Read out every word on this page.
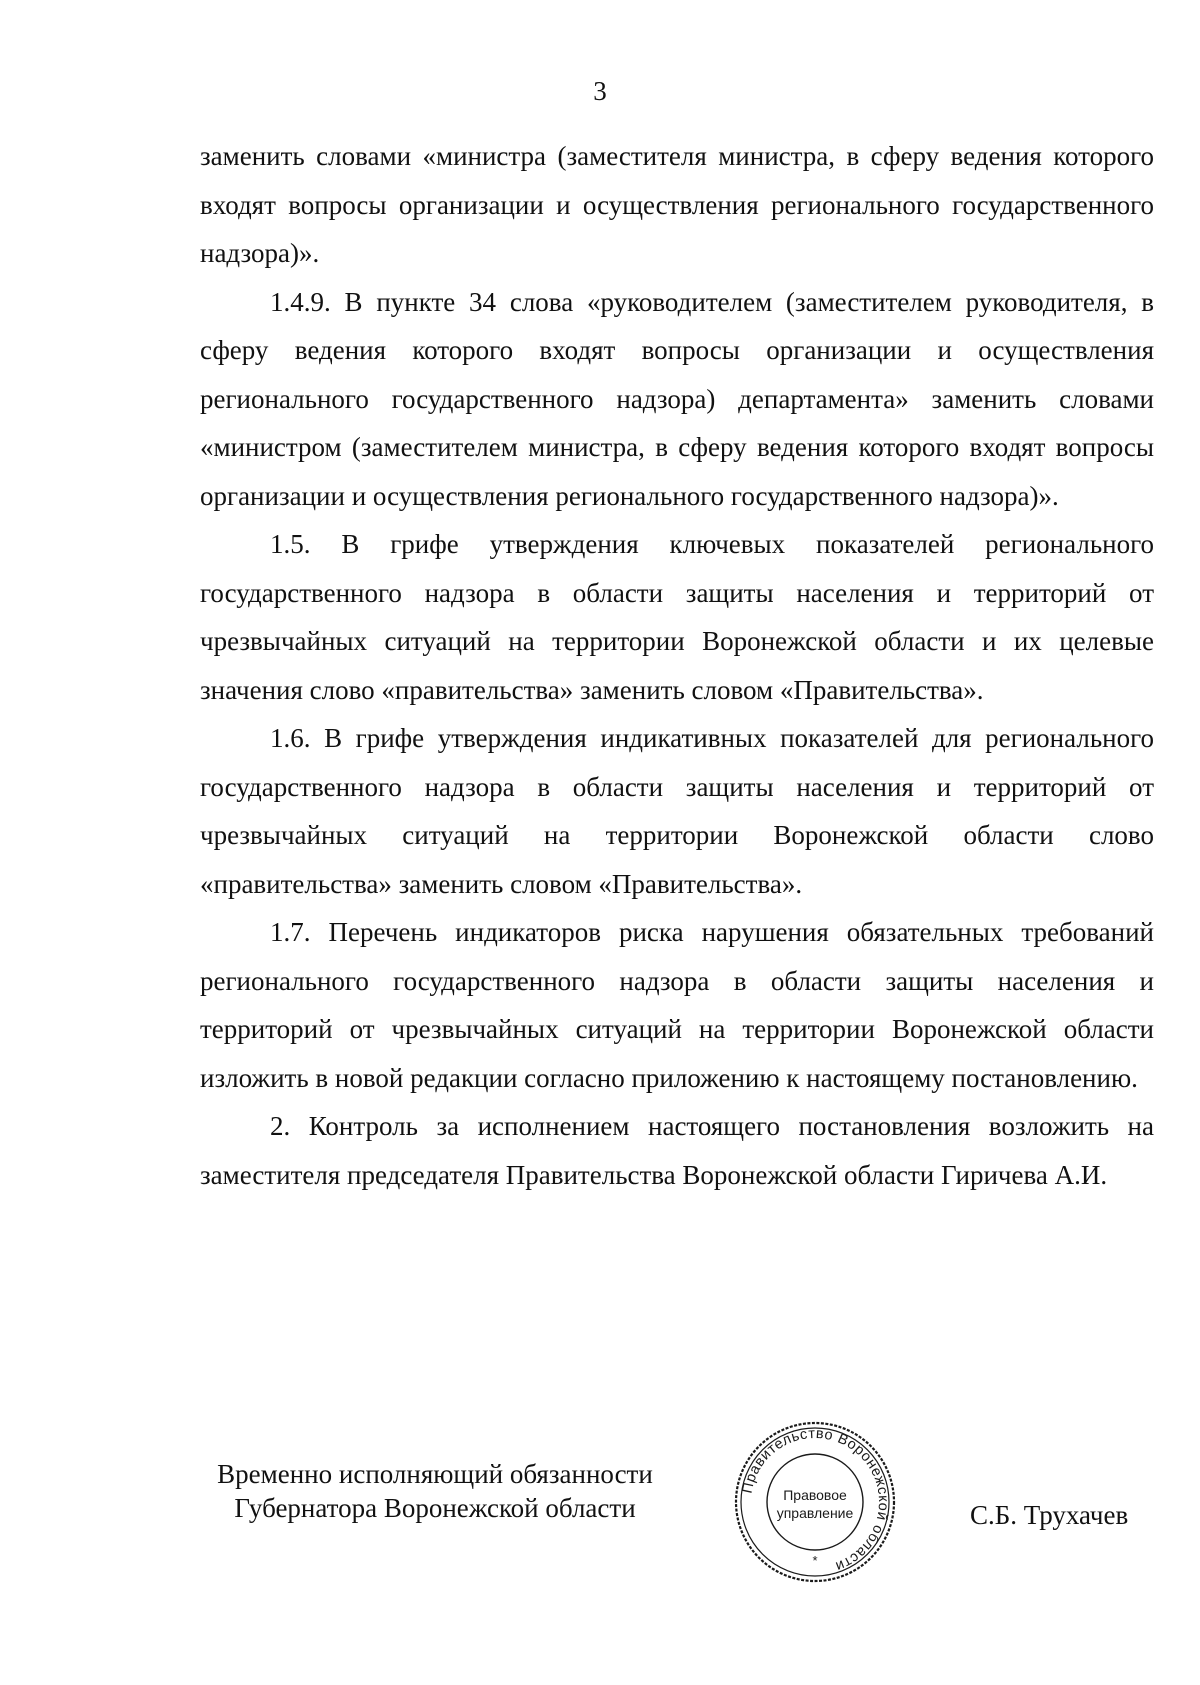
3

заменить словами «министра (заместителя министра, в сферу ведения которого входят вопросы организации и осуществления регионального государственного надзора)».

1.4.9. В пункте 34 слова «руководителем (заместителем руководителя, в сферу ведения которого входят вопросы организации и осуществления регионального государственного надзора) департамента» заменить словами «министром (заместителем министра, в сферу ведения которого входят вопросы организации и осуществления регионального государственного надзора)».

1.5. В грифе утверждения ключевых показателей регионального государственного надзора в области защиты населения и территорий от чрезвычайных ситуаций на территории Воронежской области и их целевые значения слово «правительства» заменить словом «Правительства».

1.6. В грифе утверждения индикативных показателей для регионального государственного надзора в области защиты населения и территорий от чрезвычайных ситуаций на территории Воронежской области слово «правительства» заменить словом «Правительства».

1.7. Перечень индикаторов риска нарушения обязательных требований регионального государственного надзора в области защиты населения и территорий от чрезвычайных ситуаций на территории Воронежской области изложить в новой редакции согласно приложению к настоящему постановлению.

2. Контроль за исполнением настоящего постановления возложить на заместителя председателя Правительства Воронежской области Гиричева А.И.

Временно исполняющий обязанности
Губернатора Воронежской области
Правительство Воронежской области
Правовое
управление
*
С.Б. Трухачев
